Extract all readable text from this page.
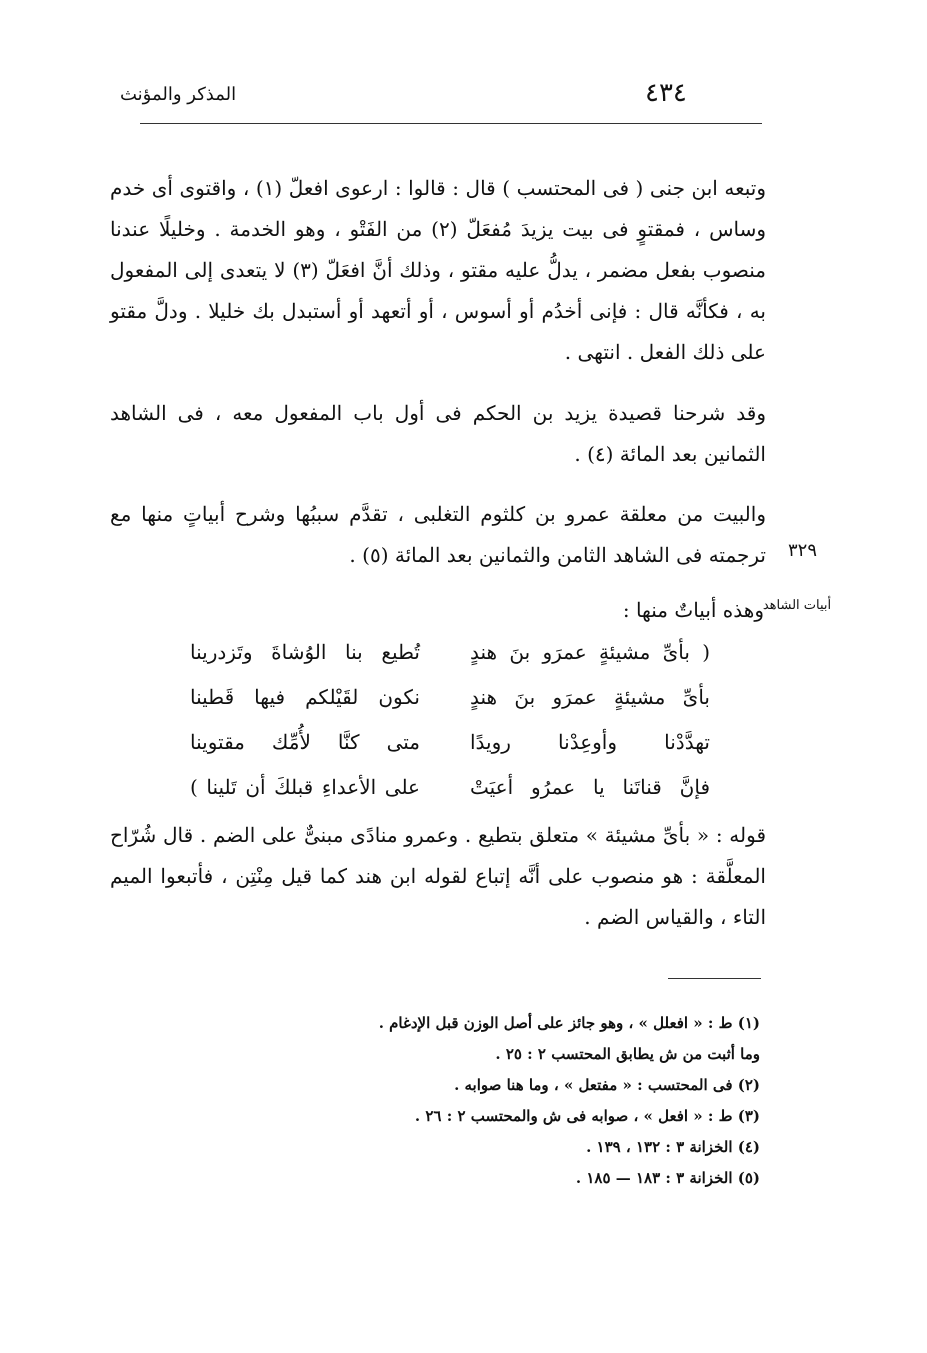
٤٣٤
المذكر والمؤنث
وتبعه ابن جنى ( فى المحتسب ) قال : قالوا : ارعوى افعلّ (١) ، واقتوى أى خدم وساس ، فمقتوٍ فى بيت يزيدَ مُفعَلّ (٢) من الفَتْو ، وهو الخدمة . وخليلًا عندنا منصوب بفعل مضمر ، يدلُّ عليه مقتو ، وذلك أنَّ افعَلّ (٣) لا يتعدى إلى المفعول به ، فكأنَّه قال : فإنى أخدُم أو أسوس ، أو أتعهد أو أستبدل بك خليلا . ودلَّ مقتو على ذلك الفعل . انتهى .
وقد شرحنا قصيدة يزيد بن الحكم فى أول باب المفعول معه ، فى الشاهد الثمانين بعد المائة (٤) .
والبيت من معلقة عمرو بن كلثوم التغلبى ، تقدَّم سببُها وشرح أبياتٍ منها مع ترجمته فى الشاهد الثامن والثمانين بعد المائة (٥) .	٣٢٩
أبيات الشاهد
وهذه أبياتٌ منها :
( بأىِّ مشيئةٍ عمرَو بنَ هندٍ
تُطيع بنا الوُشاةَ وتَزدرينا
بأىِّ مشيئةٍ عمرَو بنَ هندٍ
نكون لقَيْلكم فيها قَطينا
تهدَّدْنا وأوعِدْنا رويدًا
متى كنَّا لأُمِّك مقتوينا
فإنَّ قناتَنا يا عمرُو أعيَتْ
على الأعداءِ قبلكَ أن تَلينا )
قوله : « بأىِّ مشيئة » متعلق بتطيع . وعمرو منادًى مبنىٌّ على الضم . قال شُرّاح المعلَّقة : هو منصوب على أنَّه إتباع لقوله ابن هند كما قيل مِنْتِن ، فأتبعوا الميم التاء ، والقياس الضم .
(١) ط : « افعلل » ، وهو جائز على أصل الوزن قبل الإدغام .
وما أثبت من ش يطابق المحتسب ٢ : ٢٥ .
(٢) فى المحتسب : « مفتعل » ، وما هنا صوابه .
(٣) ط : « افعل » ، صوابه فى ش والمحتسب ٢ : ٢٦ .
(٤) الخزانة ٣ : ١٣٢ ، ١٣٩ .
(٥) الخزانة ٣ : ١٨٣ — ١٨٥ .
